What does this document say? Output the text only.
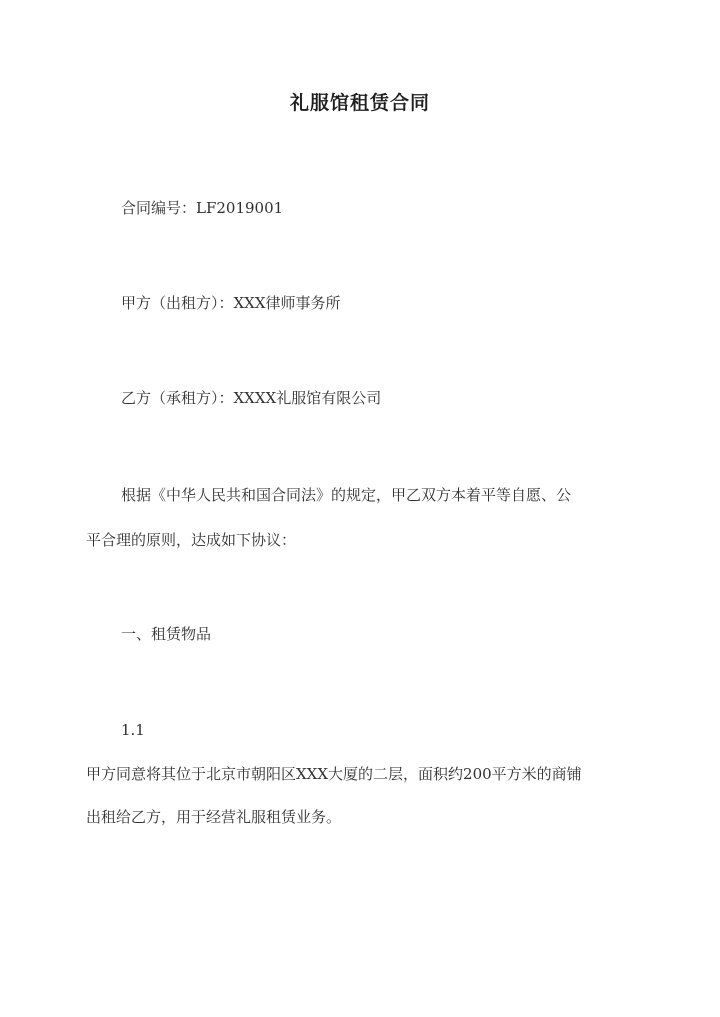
礼服馆租赁合同
合同编号：LF2019001
甲方（出租方）：XXX律师事务所
乙方（承租方）：XXXX礼服馆有限公司
根据《中华人民共和国合同法》的规定，甲乙双方本着平等自愿、公
平合理的原则，达成如下协议：
一、租赁物品
1.1
甲方同意将其位于北京市朝阳区XXX大厦的二层，面积约200平方米的商铺
出租给乙方，用于经营礼服租赁业务。
